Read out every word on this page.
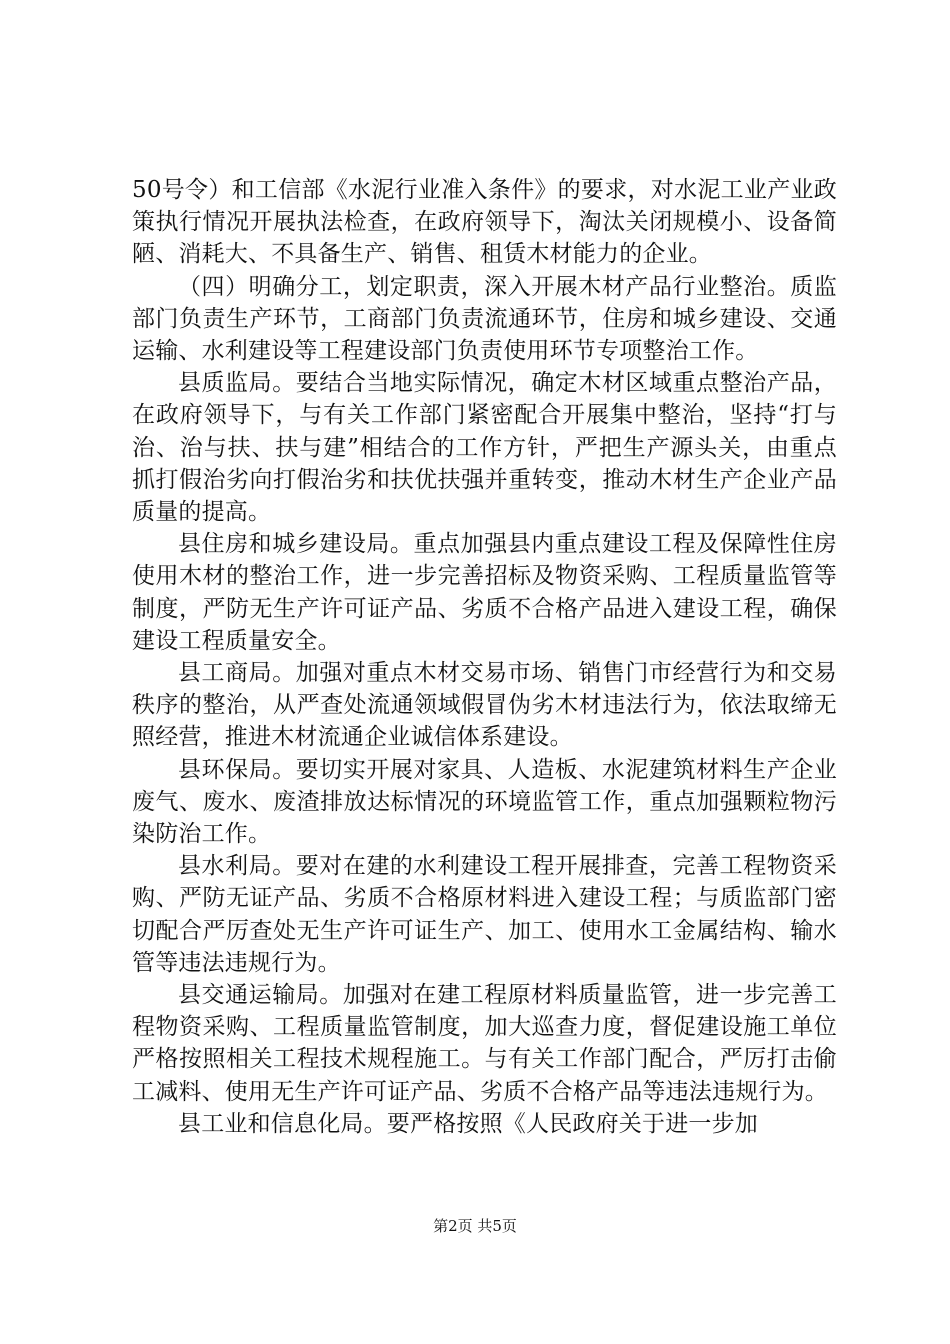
50号令）和工信部《水泥行业准入条件》的要求，对水泥工业产业政策执行情况开展执法检查，在政府领导下，淘汰关闭规模小、设备简陋、消耗大、不具备生产、销售、租赁木材能力的企业。

（四）明确分工，划定职责，深入开展木材产品行业整治。质监部门负责生产环节，工商部门负责流通环节，住房和城乡建设、交通运输、水利建设等工程建设部门负责使用环节专项整治工作。

县质监局。要结合当地实际情况，确定木材区域重点整治产品，在政府领导下，与有关工作部门紧密配合开展集中整治，坚持“打与治、治与扶、扶与建”相结合的工作方针，严把生产源头关，由重点抓打假治劣向打假治劣和扶优扶强并重转变，推动木材生产企业产品质量的提高。

县住房和城乡建设局。重点加强县内重点建设工程及保障性住房使用木材的整治工作，进一步完善招标及物资采购、工程质量监管等制度，严防无生产许可证产品、劣质不合格产品进入建设工程，确保建设工程质量安全。

县工商局。加强对重点木材交易市场、销售门市经营行为和交易秩序的整治，从严查处流通领域假冒伪劣木材违法行为，依法取缔无照经营，推进木材流通企业诚信体系建设。

县环保局。要切实开展对家具、人造板、水泥建筑材料生产企业废气、废水、废渣排放达标情况的环境监管工作，重点加强颗粒物污染防治工作。

县水利局。要对在建的水利建设工程开展排查，完善工程物资采购、严防无证产品、劣质不合格原材料进入建设工程；与质监部门密切配合严厉查处无生产许可证生产、加工、使用水工金属结构、输水管等违法违规行为。

县交通运输局。加强对在建工程原材料质量监管，进一步完善工程物资采购、工程质量监管制度，加大巡查力度，督促建设施工单位严格按照相关工程技术规程施工。与有关工作部门配合，严厉打击偷工减料、使用无生产许可证产品、劣质不合格产品等违法违规行为。

县工业和信息化局。要严格按照《人民政府关于进一步加

第2页 共5页
